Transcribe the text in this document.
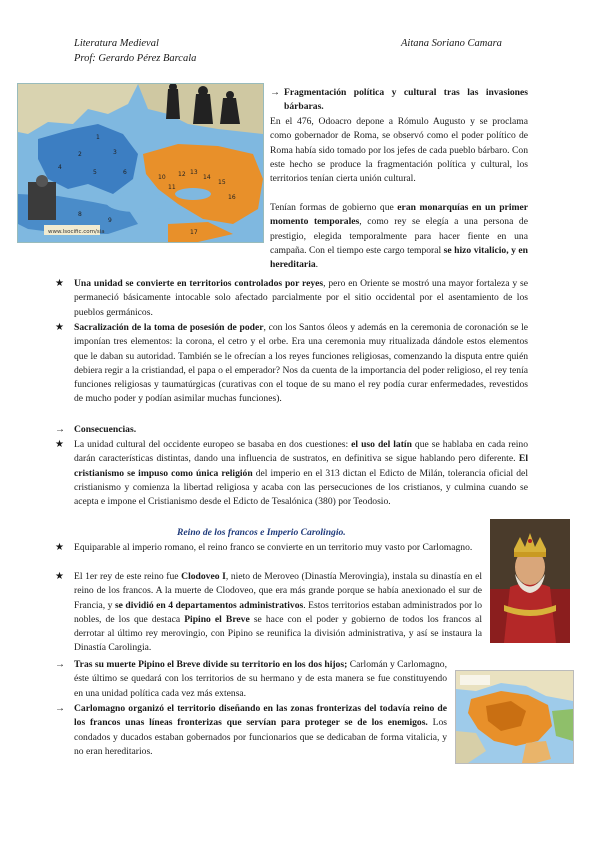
Literatura Medieval	Aitana Soriano Camara
Prof: Gerardo Pérez Barcala
1
2	3
4
5	6
8
9
10
11
12 13
14
15
16
17
www.lsocific.com/sia
→ Fragmentación política y cultural tras las invasiones bárbaras.
En el 476, Odoacro depone a Rómulo Augusto y se proclama como gobernador de Roma, se observó como el poder político de Roma había sido tomado por los jefes de cada pueblo bárbaro. Con este hecho se produce la fragmentación política y cultural, los territorios tenían cierta unión cultural.
Tenían formas de gobierno que eran monarquías en un primer momento temporales, como rey se elegía a una persona de prestigio, elegida temporalmente para hacer fiente en una campaña. Con el tiempo este cargo temporal se hizo vitalicio, y en hereditaria.
★ Una unidad se convierte en territorios controlados por reyes, pero en Oriente se mostró una mayor fortaleza y se permaneció básicamente intocable solo afectado parcialmente por el sitio occidental por el asentamiento de los pueblos germánicos.
★ Sacralización de la toma de posesión de poder, con los Santos óleos y además en la ceremonia de coronación se le imponían tres elementos: la corona, el cetro y el orbe. Era una ceremonia muy ritualizada dándole estos elementos que le daban su autoridad. También se le ofrecían a los reyes funciones religiosas, comenzando la disputa entre quién debiera regir a la cristiandad, el papa o el emperador? Nos da cuenta de la importancia del poder religioso, el rey tenía funciones religiosas y taumatúrgicas (curativas con el toque de su mano el rey podía curar enfermedades, revestidos de mucho poder y podían asimilar muchas funciones).
→ Consecuencias.
★ La unidad cultural del occidente europeo se basaba en dos cuestiones: el uso del latín que se hablaba en cada reino darán características distintas, dando una influencia de sustratos, en definitiva se sigue hablando pero diferente. El cristianismo se impuso como única religión del imperio en el 313 dictan el Edicto de Milán, tolerancia oficial del cristianismo y comienza la libertad religiosa y acaba con las persecuciones de los cristianos, y culmina cuando se acepta e impone el Cristianismo desde el Edicto de Tesalónica (380) por Teodosio.
Reino de los francos e Imperio Carolingio.
★ Equiparable al imperio romano, el reino franco se convierte en un territorio muy vasto por Carlomagno.
★ El 1er rey de este reino fue Clodoveo I, nieto de Meroveo (Dinastía Merovingia), instala su dinastía en el reino de los francos. A la muerte de Clodoveo, que era más grande porque se había anexionado el sur de Francia, y se dividió en 4 departamentos administrativos. Estos territorios estaban administrados por lo nobles, de los que destaca Pipino el Breve se hace con el poder y gobierno de todos los francos al derrotar al último rey merovingio, con Pipino se reunifica la división administrativa, y así se instaura la Dinastía Carolingia.
→ Tras su muerte Pipino el Breve divide su territorio en los dos hijos; Carlomán y Carlomagno, éste último se quedará con los territorios de su hermano y de esta manera se fue constituyendo en una unidad política cada vez más extensa.
→ Carlomagno organizó el territorio diseñando en las zonas fronterizas del todavía reino de los francos unas líneas fronterizas que servían para proteger se de los enemigos. Los condados y ducados estaban gobernados por funcionarios que se dedicaban de forma vitalicia, y no eran hereditarios.
